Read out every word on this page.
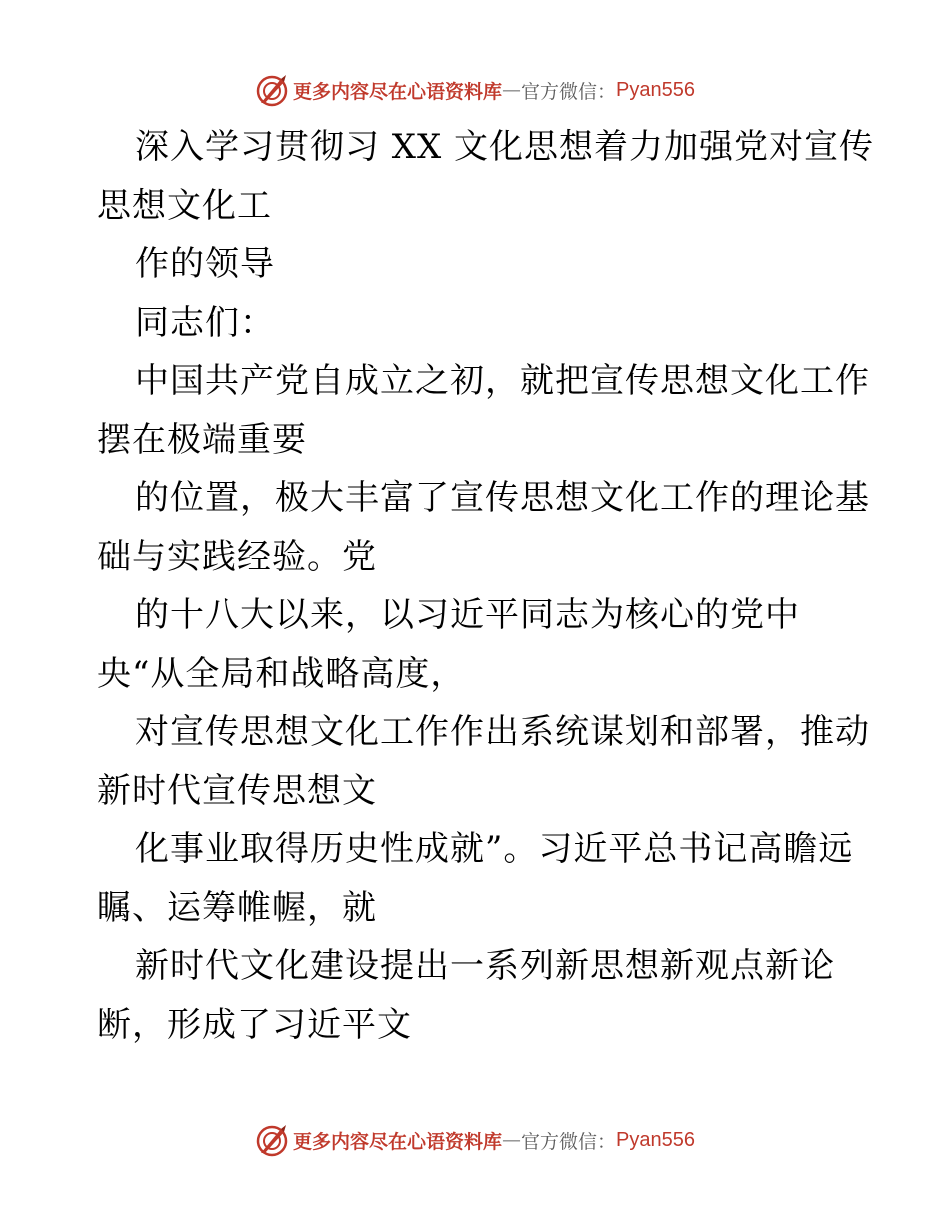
更多内容尽在心语资料库 — 官方微信： Pyan556
深入学习贯彻习 XX 文化思想着力加强党对宣传
思想文化工
作的领导
同志们：
中国共产党自成立之初，就把宣传思想文化工作
摆在极端重要
的位置，极大丰富了宣传思想文化工作的理论基
础与实践经验。党
的十八大以来，以习近平同志为核心的党中
央“从全局和战略高度，
对宣传思想文化工作作出系统谋划和部署，推动
新时代宣传思想文
化事业取得历史性成就”。习近平总书记高瞻远
瞩、运筹帷幄，就
新时代文化建设提出一系列新思想新观点新论
断，形成了习近平文
更多内容尽在心语资料库 — 官方微信： Pyan556
